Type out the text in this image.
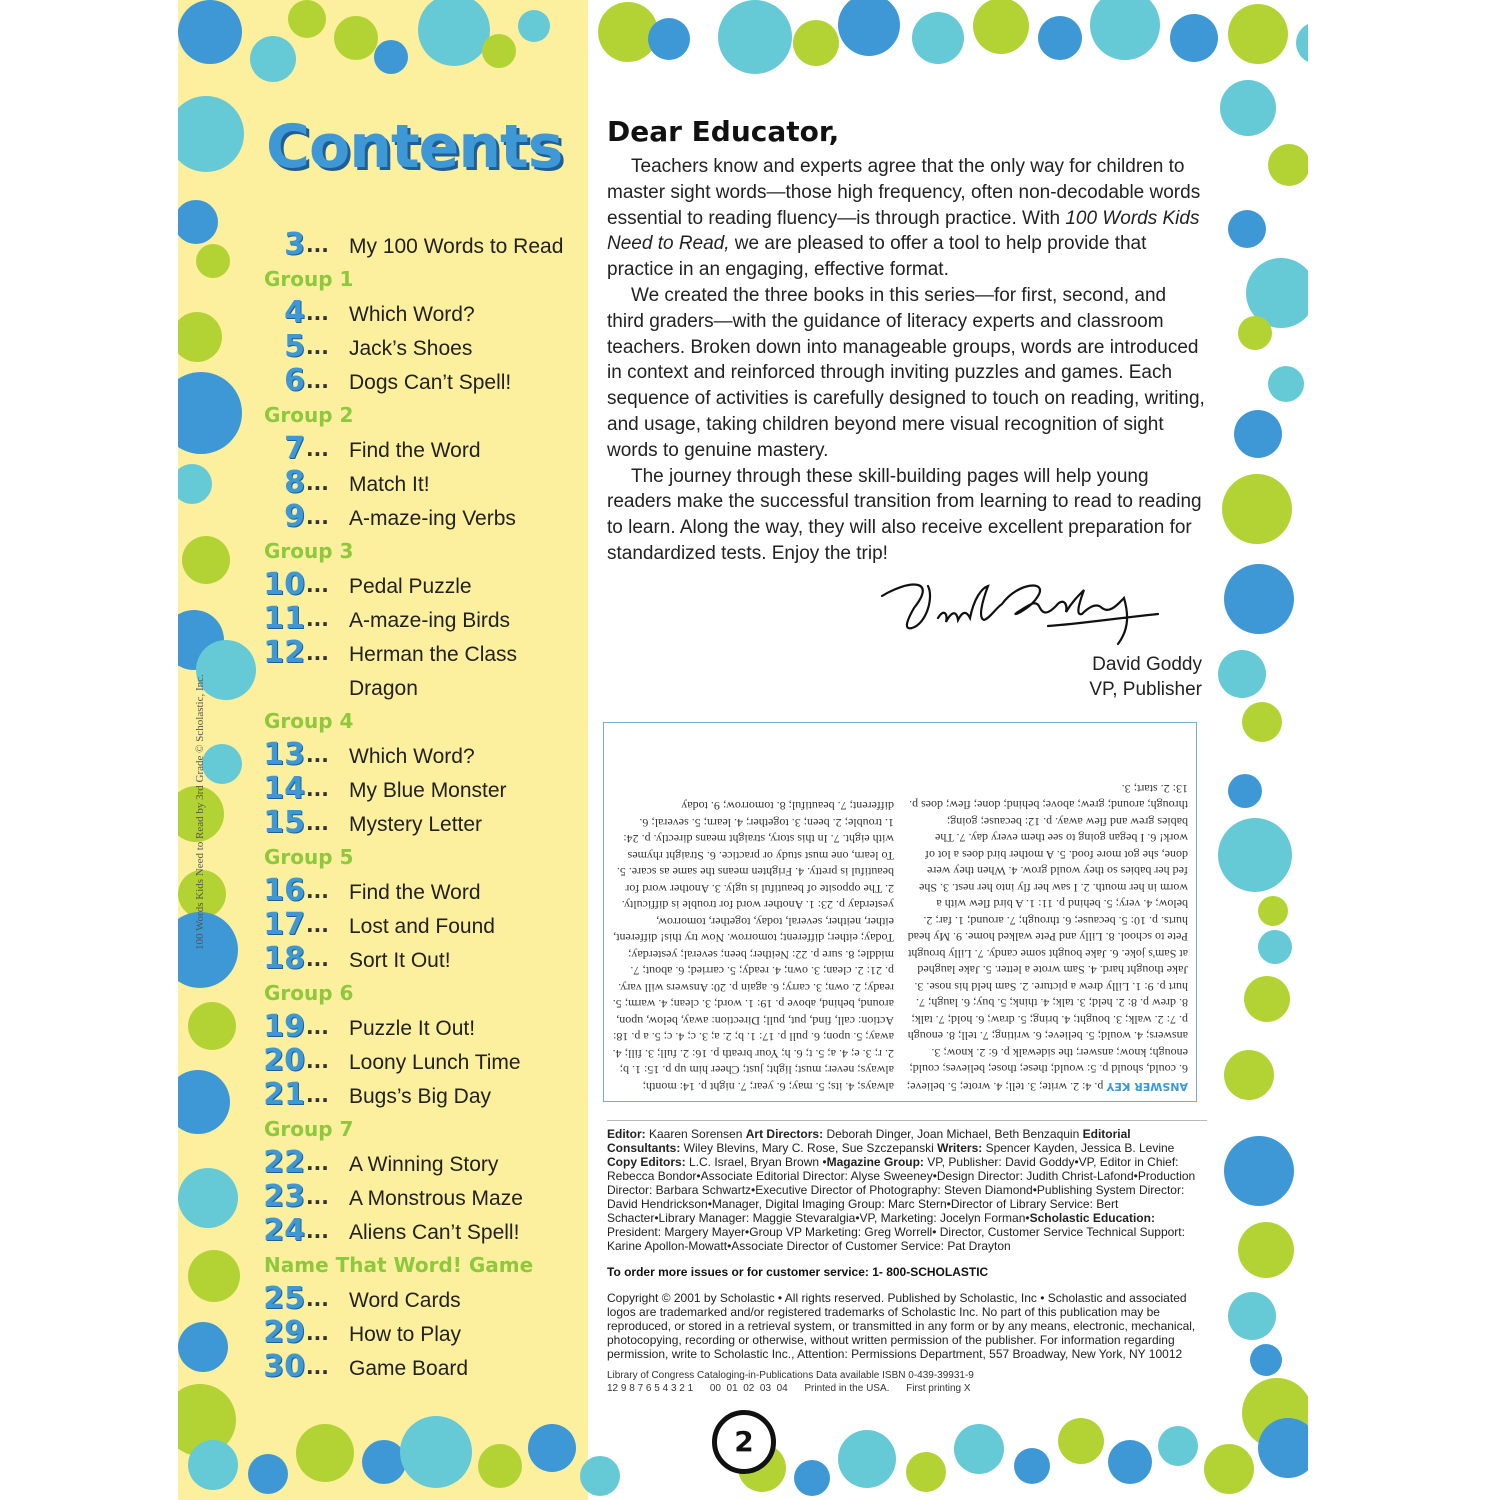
Contents
3 ... My 100 Words to Read
Group 1
4 ... Which Word?
5 ... Jack’s Shoes
6 ... Dogs Can’t Spell!
Group 2
7 ... Find the Word
8 ... Match It!
9 ... A-maze-ing Verbs
Group 3
10 ... Pedal Puzzle
11 ... A-maze-ing Birds
12 ... Herman the Class
Dragon
Group 4
13 ... Which Word?
14 ... My Blue Monster
15 ... Mystery Letter
Group 5
16 ... Find the Word
17 ... Lost and Found
18 ... Sort It Out!
Group 6
19 ... Puzzle It Out!
20 ... Loony Lunch Time
21 ... Bugs’s Big Day
Group 7
22 ... A Winning Story
23 ... A Monstrous Maze
24 ... Aliens Can’t Spell!
Name That Word! Game
25 ... Word Cards
29 ... How to Play
30 ... Game Board
100 Words Kids Need to Read by 3rd Grade © Scholastic, Inc.
Dear Educator,

Teachers know and experts agree that the only way for children to master sight words—those high frequency, often non-decodable words essential to reading fluency—is through practice. With 100 Words Kids Need to Read, we are pleased to offer a tool to help provide that practice in an engaging, effective format.

We created the three books in this series—for first, second, and third graders—with the guidance of literacy experts and classroom teachers. Broken down into manageable groups, words are introduced in context and reinforced through inviting puzzles and games. Each sequence of activities is carefully designed to touch on reading, writing, and usage, taking children beyond mere visual recognition of sight words to genuine mastery.

The journey through these skill-building pages will help young readers make the successful transition from learning to read to reading to learn. Along the way, they will also receive excellent preparation for standardized tests. Enjoy the trip!

David Goddy
VP, Publisher
ANSWER KEY p. 4: 2. write; 3. tell; 4. wrote; 5. believe; 6. could, should p. 5: would; these; those; believes; could; enough; know; answer; the sidewalk p. 6: 2. know; 3. answers; 4. would; 5. believe; 6. writing; 7. tell; 8. enough p. 7: 2. walk; 3. bought; 4. bring; 5. draw; 6. hold; 7. talk; 8. drew p. 8: 2. held; 3. talk; 4. think; 5. buy; 6. laugh; 7. hurt p. 9: 1. Lilly drew a picture. 2. Sam held his nose. 3. Jake thought hard. 4. Sam wrote a letter. 5. Jake laughed at Sam's joke. 6. Jake bought some candy. 7. Lilly brought Pete to school. 8. Lilly and Pete walked home. 9. My head hurts. p. 10: 5. because; 6. through; 7. around; 1. far; 2. below; 4. very; 5. behind p. 11: 1. A bird flew with a worm in her mouth. 2. I saw her fly into her nest. 3. She fed her babies so they would grow. 4. When they were done, she got more food. 5. A mother bird does a lot of work! 6. I began going to see them every day. 7. The babies grew and flew away. p. 12: because; going; through; around; grew; above; behind; done; flew; does p. 13: 2. start; 3.
always; 4. its; 5. may; 6. year; 7. night p. 14: month; always; never; must; light; just; Cheer him up p. 15: 1. b; 2. r; 3. e; 4. a; 5. t; 6. h; Your breath p. 16: 2. full; 3. fill; 4. away; 5. upon; 6. pull p. 17: 1. b; 2. a; 3. c; 4. c; 5. a p. 18: Action: call, find, put, pull; Direction: away, below, upon, around, behind, above p. 19: 1. word; 3. clean; 4. warm; 5. ready; 2. own; 3. carry; 6. again p. 20: Answers will vary. p. 21: 2. clean; 3. own; 4. ready; 5. carried; 6. about; 7. middle; 8. sure p. 22: Neither; been; several; yesterday; Today; either; different; tomorrow. Now try this! different, either, neither, several, today, together, tomorrow, yesterday p. 23: 1. Another word for trouble is difficulty. 2. The opposite of beautiful is ugly. 3. Another word for beautiful is pretty. 4. Frighten means the same as scare. 5. To learn, one must study or practice. 6. Straight rhymes with eight. 7. In this story, straight means directly. p. 24: 1. trouble; 2. been; 3. together; 4. learn; 5. several; 6. different; 7. beautiful; 8. tomorrow; 9. today

Editor: Kaaren Sorensen Art Directors: Deborah Dinger, Joan Michael, Beth Benzaquin Editorial Consultants: Wiley Blevins, Mary C. Rose, Sue Szczepanski Writers: Spencer Kayden, Jessica B. Levine Copy Editors: L.C. Israel, Bryan Brown •Magazine Group: VP, Publisher: David Goddy•VP, Editor in Chief: Rebecca Bondor•Associate Editorial Director: Alyse Sweeney•Design Director: Judith Christ-Lafond•Production Director: Barbara Schwartz•Executive Director of Photography: Steven Diamond•Publishing System Director: David Hendrickson•Manager, Digital Imaging Group: Marc Stern•Director of Library Service: Bert Schacter•Library Manager: Maggie Stevaralgia•VP, Marketing: Jocelyn Forman•Scholastic Education: President: Margery Mayer•Group VP Marketing: Greg Worrell• Director, Customer Service Technical Support: Karine Apollon-Mowatt•Associate Director of Customer Service: Pat Drayton

To order more issues or for customer service: 1- 800-SCHOLASTIC

Copyright © 2001 by Scholastic • All rights reserved. Published by Scholastic, Inc • Scholastic and associated logos are trademarked and/or registered trademarks of Scholastic Inc. No part of this publication may be reproduced, or stored in a retrieval system, or transmitted in any form or by any means, electronic, mechanical, photocopying, recording or otherwise, without written permission of the publisher. For information regarding permission, write to Scholastic Inc., Attention: Permissions Department, 557 Broadway, New York, NY 10012

Library of Congress Cataloging-in-Publications Data available ISBN 0-439-39931-9

12 9 8 7 6 5 4 3 2 1 00  01  02  03  04 Printed in the USA. First printing X

2
